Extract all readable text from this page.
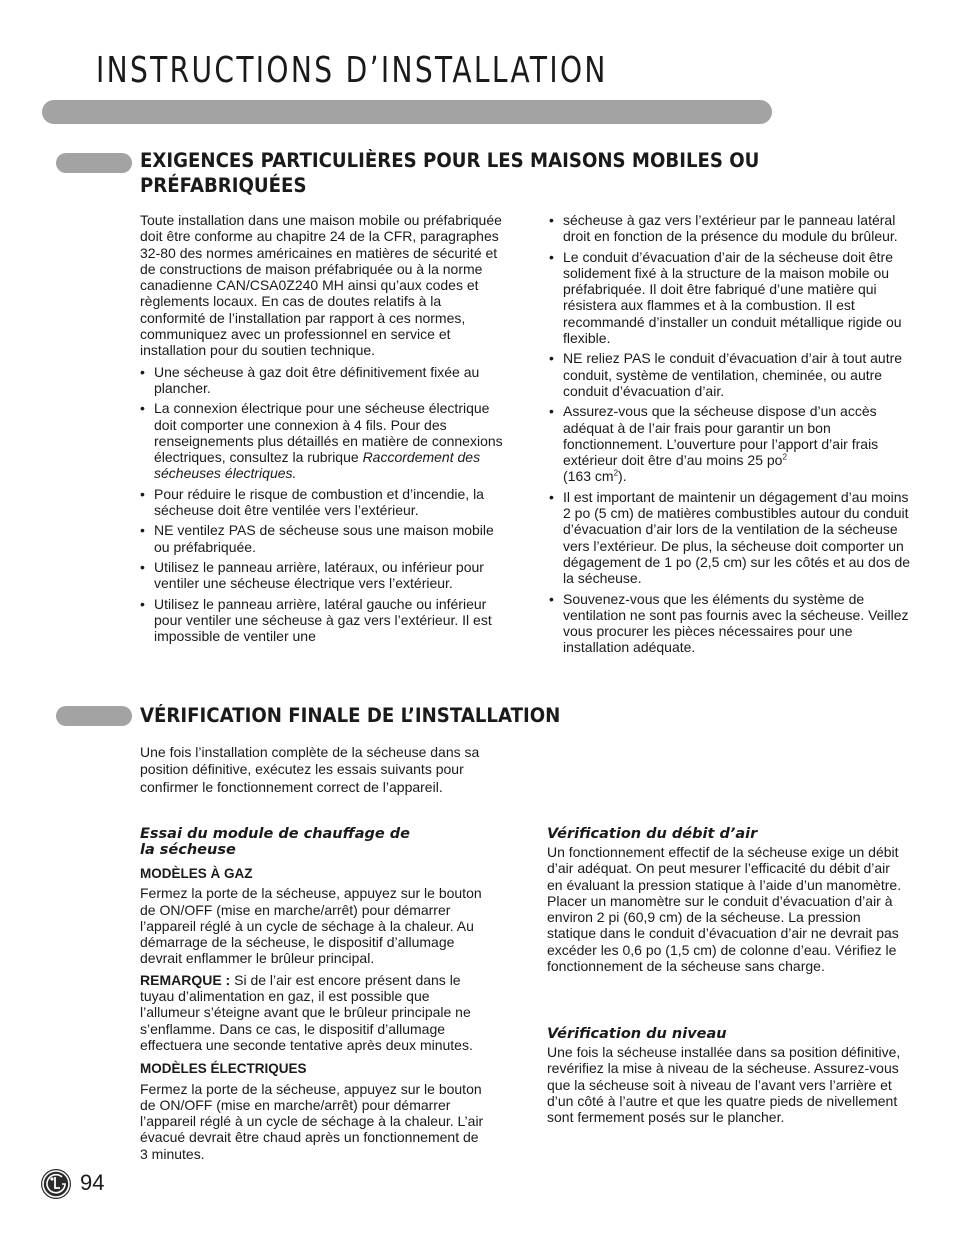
INSTRUCTIONS D’INSTALLATION
EXIGENCES PARTICULIÈRES POUR LES MAISONS MOBILES OU
PRÉFABRIQUÉES

Toute installation dans une maison mobile ou préfabriquée doit être conforme au chapitre 24 de la CFR, paragraphes 32-80 des normes américaines en matières de sécurité et de constructions de maison préfabriquée ou à la norme canadienne CAN/CSA0Z240 MH ainsi qu’aux codes et règlements locaux. En cas de doutes relatifs à la conformité de l’installation par rapport à ces normes, communiquez avec un professionnel en service et installation pour du soutien technique.

• Une sécheuse à gaz doit être définitivement fixée au plancher.
• La connexion électrique pour une sécheuse électrique doit comporter une connexion à 4 fils. Pour des renseignements plus détaillés en matière de connexions électriques, consultez la rubrique Raccordement des sécheuses électriques.
• Pour réduire le risque de combustion et d’incendie, la sécheuse doit être ventilée vers l’extérieur.
• NE ventilez PAS de sécheuse sous une maison mobile ou préfabriquée.
• Utilisez le panneau arrière, latéraux, ou inférieur pour ventiler une sécheuse électrique vers l’extérieur.
• Utilisez le panneau arrière, latéral gauche ou inférieur pour ventiler une sécheuse à gaz vers l’extérieur. Il est impossible de ventiler une
• sécheuse à gaz vers l’extérieur par le panneau latéral droit en fonction de la présence du module du brûleur.
• Le conduit d’évacuation d’air de la sécheuse doit être solidement fixé à la structure de la maison mobile ou préfabriquée. Il doit être fabriqué d’une matière qui résistera aux flammes et à la combustion. Il est recommandé d’installer un conduit métallique rigide ou flexible.
• NE reliez PAS le conduit d’évacuation d’air à tout autre conduit, système de ventilation, cheminée, ou autre conduit d’évacuation d’air.
• Assurez-vous que la sécheuse dispose d’un accès adéquat à de l’air frais pour garantir un bon fonctionnement. L’ouverture pour l’apport d’air frais extérieur doit être d’au moins 25 $po^2$
(163 $cm^2$).
• Il est important de maintenir un dégagement d’au moins 2 po (5 cm) de matières combustibles autour du conduit d’évacuation d’air lors de la ventilation de la sécheuse vers l’extérieur. De plus, la sécheuse doit comporter un dégagement de 1 po (2,5 cm) sur les côtés et au dos de la sécheuse.
• Souvenez-vous que les éléments du système de ventilation ne sont pas fournis avec la sécheuse. Veillez vous procurer les pièces nécessaires pour une installation adéquate.
VÉRIFICATION FINALE DE L’INSTALLATION

Une fois l’installation complète de la sécheuse dans sa position définitive, exécutez les essais suivants pour confirmer le fonctionnement correct de l’appareil.

Essai du module de chauffage de
la sécheuse
MODÈLES À GAZ

Fermez la porte de la sécheuse, appuyez sur le bouton de ON/OFF (mise en marche/arrêt) pour démarrer l’appareil réglé à un cycle de séchage à la chaleur. Au démarrage de la sécheuse, le dispositif d’allumage devrait enflammer le brûleur principal.

REMARQUE : Si de l’air est encore présent dans le tuyau d’alimentation en gaz, il est possible que l’allumeur s’éteigne avant que le brûleur principale ne s’enflamme. Dans ce cas, le dispositif d’allumage effectuera une seconde tentative après deux minutes.

MODÈLES ÉLECTRIQUES

Fermez la porte de la sécheuse, appuyez sur le bouton de ON/OFF (mise en marche/arrêt) pour démarrer l’appareil réglé à un cycle de séchage à la chaleur. L’air évacué devrait être chaud après un fonctionnement de 3 minutes.

Vérification du débit d’air

Un fonctionnement effectif de la sécheuse exige un débit d’air adéquat. On peut mesurer l’efficacité du débit d’air en évaluant la pression statique à l’aide d’un manomètre. Placer un manomètre sur le conduit d’évacuation d’air à environ 2 pi (60,9 cm) de la sécheuse. La pression statique dans le conduit d’évacuation d’air ne devrait pas excéder les 0,6 po (1,5 cm) de colonne d’eau. Vérifiez le fonctionnement de la sécheuse sans charge.

Vérification du niveau

Une fois la sécheuse installée dans sa position définitive, revérifiez la mise à niveau de la sécheuse. Assurez-vous que la sécheuse soit à niveau de l’avant vers l’arrière et d’un côté à l’autre et que les quatre pieds de nivellement sont fermement posés sur le plancher.

94
